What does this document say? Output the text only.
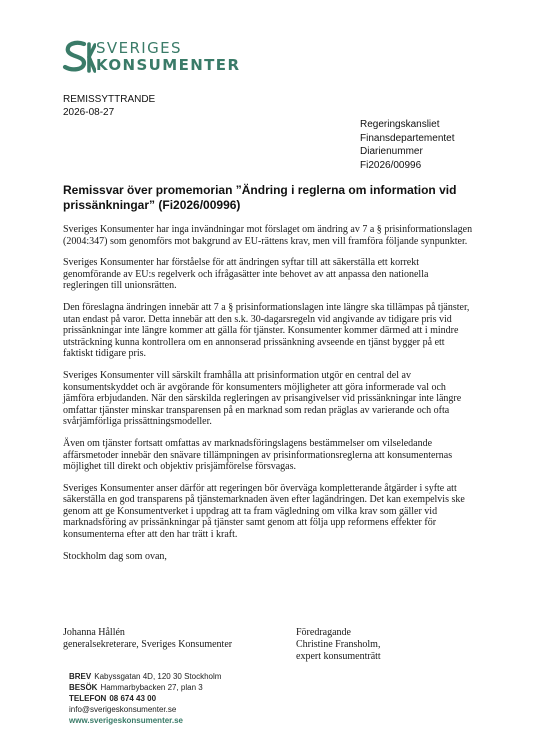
SVERIGES
KONSUMENTER
REMISSYTTRANDE
2026-08-27
Regeringskansliet
Finansdepartementet
Diarienummer
Fi2026/00996
Remissvar över promemorian ”Ändring i reglerna om information vid prissänkningar” (Fi2026/00996)

Sveriges Konsumenter har inga invändningar mot förslaget om ändring av 7 a § prisinformationslagen (2004:347) som genomförs mot bakgrund av EU-rättens krav, men vill framföra följande synpunkter.

Sveriges Konsumenter har förståelse för att ändringen syftar till att säkerställa ett korrekt genomförande av EU:s regelverk och ifrågasätter inte behovet av att anpassa den nationella regleringen till unionsrätten.

Den föreslagna ändringen innebär att 7 a § prisinformationslagen inte längre ska tillämpas på tjänster, utan endast på varor. Detta innebär att den s.k. 30-dagarsregeln vid angivande av tidigare pris vid prissänkningar inte längre kommer att gälla för tjänster. Konsumenter kommer därmed att i mindre utsträckning kunna kontrollera om en annonserad prissänkning avseende en tjänst bygger på ett faktiskt tidigare pris.

Sveriges Konsumenter vill särskilt framhålla att prisinformation utgör en central del av konsumentskyddet och är avgörande för konsumenters möjligheter att göra informerade val och jämföra erbjudanden. När den särskilda regleringen av prisangivelser vid prissänkningar inte längre omfattar tjänster minskar transparensen på en marknad som redan präglas av varierande och ofta svårjämförliga prissättningsmodeller.

Även om tjänster fortsatt omfattas av marknadsföringslagens bestämmelser om vilseledande affärsmetoder innebär den snävare tillämpningen av prisinformationsreglerna att konsumenternas möjlighet till direkt och objektiv prisjämförelse försvagas.

Sveriges Konsumenter anser därför att regeringen bör överväga kompletterande åtgärder i syfte att säkerställa en god transparens på tjänstemarknaden även efter lagändringen. Det kan exempelvis ske genom att ge Konsumentverket i uppdrag att ta fram vägledning om vilka krav som gäller vid marknadsföring av prissänkningar på tjänster samt genom att följa upp reformens effekter för konsumenterna efter att den har trätt i kraft.

Stockholm dag som ovan,

Johanna Hållén
generalsekreterare, Sveriges Konsumenter
Föredragande
Christine Fransholm,
expert konsumenträtt
BREV Kabyssgatan 4D, 120 30 Stockholm
BESÖK Hammarbybacken 27, plan 3
TELEFON 08 674 43 00
info@sverigeskonsumenter.se
www.sverigeskonsumenter.se
